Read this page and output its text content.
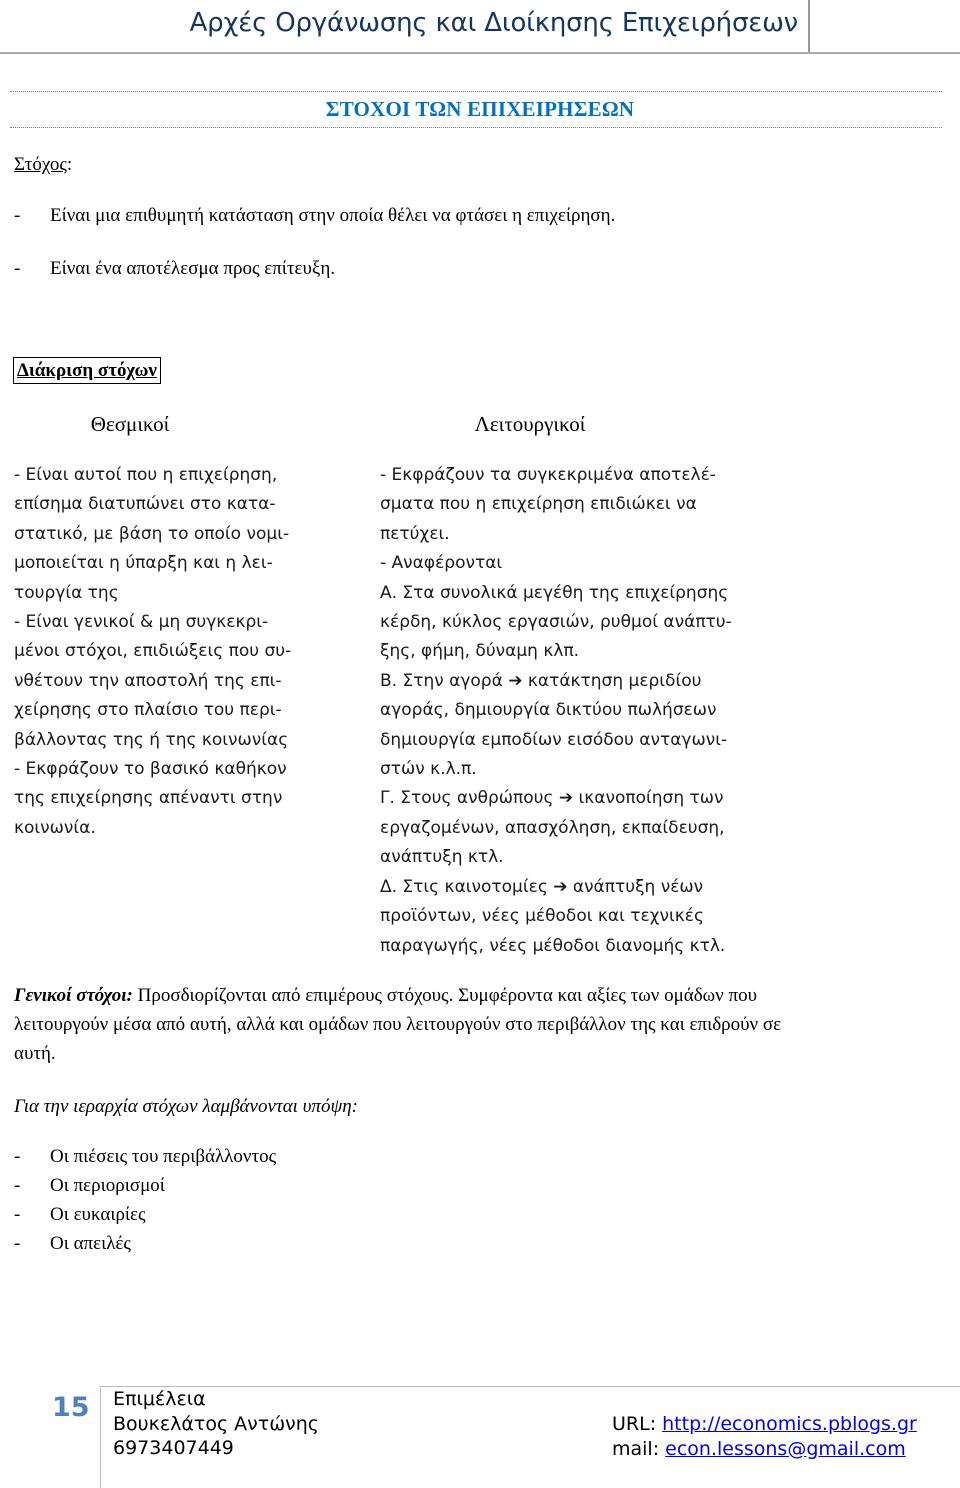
Αρχές Οργάνωσης και Διοίκησης Επιχειρήσεων
ΣΤΟΧΟΙ ΤΩΝ ΕΠΙΧΕΙΡΗΣΕΩΝ
Στόχος:
- Είναι μια επιθυμητή κατάσταση στην οποία θέλει να φτάσει η επιχείρηση.
- Είναι ένα αποτέλεσμα προς επίτευξη.
Διάκριση στόχων
Θεσμικοί	Λειτουργικοί
- Είναι αυτοί που η επιχείρηση,
επίσημα διατυπώνει στο κατα-
στατικό, με βάση το οποίο νομι-
μοποιείται η ύπαρξη και η λει-
τουργία της
- Είναι γενικοί & μη συγκεκρι-
μένοι στόχοι, επιδιώξεις που συ-
νθέτουν την αποστολή της επι-
χείρησης στο πλαίσιο του περι-
βάλλοντας της ή της κοινωνίας
- Εκφράζουν το βασικό καθήκον
της επιχείρησης απέναντι στην
κοινωνία.
- Εκφράζουν τα συγκεκριμένα αποτελέ-
σματα που η επιχείρηση επιδιώκει να
πετύχει.
- Αναφέρονται
Α. Στα συνολικά μεγέθη της επιχείρησης
κέρδη, κύκλος εργασιών, ρυθμοί ανάπτυ-
ξης, φήμη, δύναμη κλπ.
Β. Στην αγορά ➔ κατάκτηση μεριδίου
αγοράς, δημιουργία δικτύου πωλήσεων
δημιουργία εμποδίων εισόδου ανταγωνι-
στών κ.λ.π.
Γ. Στους ανθρώπους ➔ ικανοποίηση των
εργαζομένων, απασχόληση, εκπαίδευση,
ανάπτυξη κτλ.
Δ. Στις καινοτομίες ➔ ανάπτυξη νέων
προϊόντων, νέες μέθοδοι και τεχνικές
παραγωγής, νέες μέθοδοι διανομής κτλ.
Γενικοί στόχοι: Προσδιορίζονται από επιμέρους στόχους. Συμφέροντα και αξίες των ομάδων που
λειτουργούν μέσα από αυτή, αλλά και ομάδων που λειτουργούν στο περιβάλλον της και επιδρούν σε
αυτή.
Για την ιεραρχία στόχων λαμβάνονται υπόψη:
- Οι πιέσεις του περιβάλλοντος
- Οι περιορισμοί
- Οι ευκαιρίες
- Οι απειλές
15 Επιμέλεια
Βουκελάτος Αντώνης
6973407449
URL: http://economics.pblogs.gr
mail: econ.lessons@gmail.com
